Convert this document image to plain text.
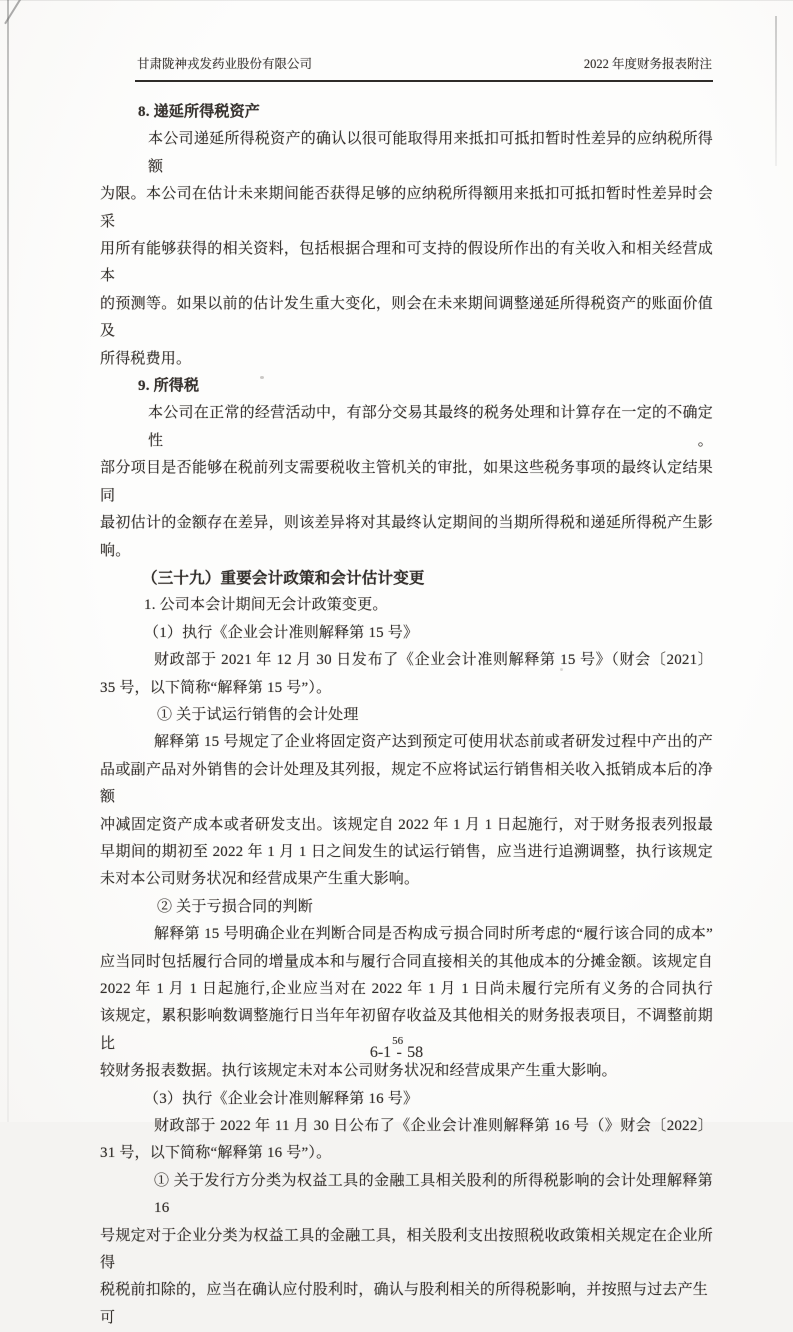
甘肃陇神戎发药业股份有限公司	2022 年度财务报表附注
8. 递延所得税资产
本公司递延所得税资产的确认以很可能取得用来抵扣可抵扣暂时性差异的应纳税所得额
为限。本公司在估计未来期间能否获得足够的应纳税所得额用来抵扣可抵扣暂时性差异时会采
用所有能够获得的相关资料，包括根据合理和可支持的假设所作出的有关收入和相关经营成本
的预测等。如果以前的估计发生重大变化，则会在未来期间调整递延所得税资产的账面价值及
所得税费用。
9. 所得税
本公司在正常的经营活动中，有部分交易其最终的税务处理和计算存在一定的不确定性。
部分项目是否能够在税前列支需要税收主管机关的审批，如果这些税务事项的最终认定结果同
最初估计的金额存在差异，则该差异将对其最终认定期间的当期所得税和递延所得税产生影
响。
（三十九）重要会计政策和会计估计变更
1. 公司本会计期间无会计政策变更。
（1）执行《企业会计准则解释第 15 号》
财政部于 2021 年 12 月 30 日发布了《企业会计准则解释第 15 号》（财会〔2021〕
35 号，以下简称“解释第 15 号”）。
① 关于试运行销售的会计处理
解释第 15 号规定了企业将固定资产达到预定可使用状态前或者研发过程中产出的产
品或副产品对外销售的会计处理及其列报，规定不应将试运行销售相关收入抵销成本后的净额
冲减固定资产成本或者研发支出。该规定自 2022 年 1 月 1 日起施行，对于财务报表列报最
早期间的期初至 2022 年 1 月 1 日之间发生的试运行销售，应当进行追溯调整，执行该规定
未对本公司财务状况和经营成果产生重大影响。
② 关于亏损合同的判断
解释第 15 号明确企业在判断合同是否构成亏损合同时所考虑的“履行该合同的成本”
应当同时包括履行合同的增量成本和与履行合同直接相关的其他成本的分摊金额。该规定自
2022 年 1 月 1 日起施行,企业应当对在 2022 年 1 月 1 日尚未履行完所有义务的合同执行
该规定，累积影响数调整施行日当年年初留存收益及其他相关的财务报表项目，不调整前期比
较财务报表数据。执行该规定未对本公司财务状况和经营成果产生重大影响。
（3）执行《企业会计准则解释第 16 号》
财政部于 2022 年 11 月 30 日公布了《企业会计准则解释第 16 号（》财会〔2022〕
31 号，以下简称“解释第 16 号”）。
① 关于发行方分类为权益工具的金融工具相关股利的所得税影响的会计处理解释第 16
号规定对于企业分类为权益工具的金融工具，相关股利支出按照税收政策相关规定在企业所得
税税前扣除的，应当在确认应付股利时，确认与股利相关的所得税影响，并按照与过去产生可
6-1
56
- 58
